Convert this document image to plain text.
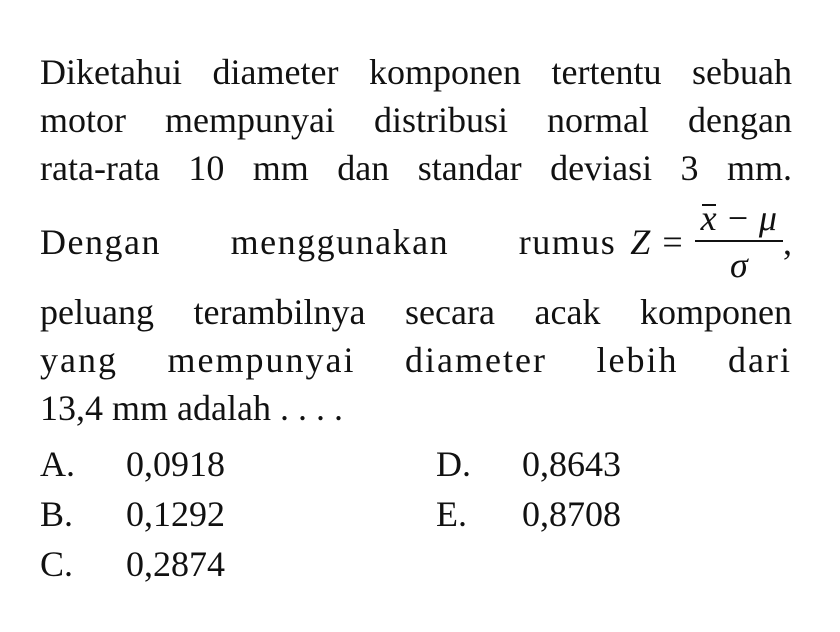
Diketahui diameter komponen tertentu sebuah
motor mempunyai distribusi normal dengan
rata-rata 10 mm dan standar deviasi 3 mm.
Dengan menggunakan rumus $Z = \frac{x - \mu}{\sigma}$ ,
peluang terambilnya secara acak komponen
yang mempunyai diameter lebih dari
13,4 mm adalah . . . .
A. 0,0918
B. 0,1292
C. 0,2874
D. 0,8643
E. 0,8708
